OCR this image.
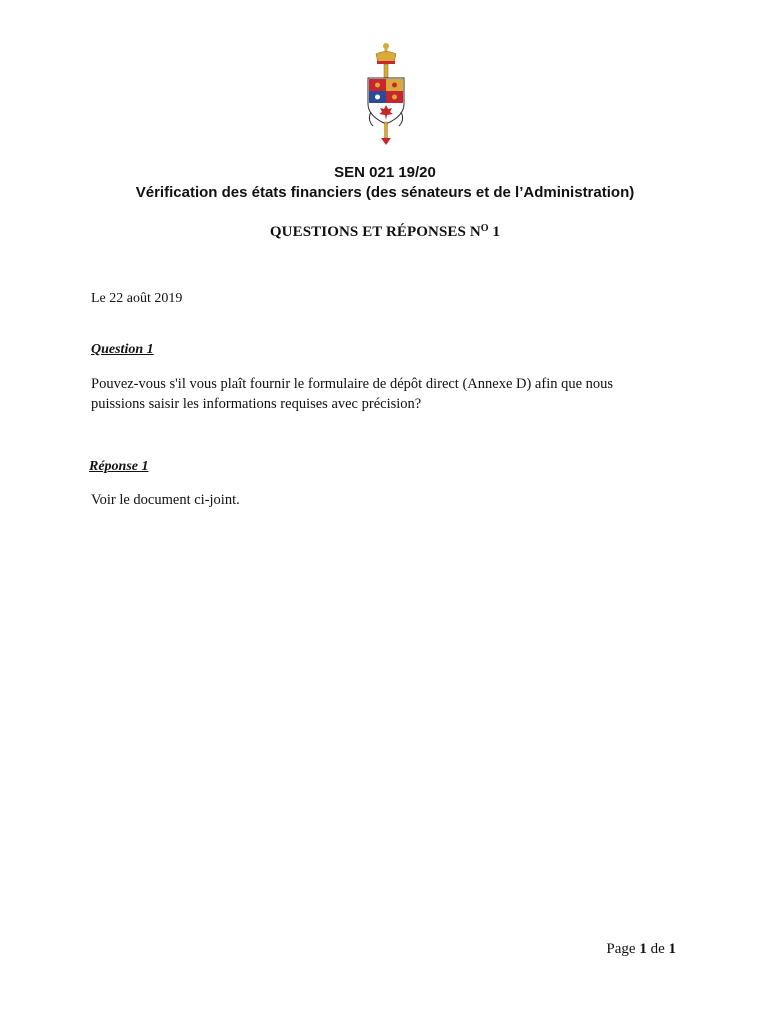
SEN 021 19/20
Vérification des états financiers (des sénateurs et de l’Administration)
QUESTIONS ET RÉPONSES $N^O$ 1
Le 22 août 2019
Question 1
Pouvez-vous s'il vous plaît fournir le formulaire de dépôt direct (Annexe D) afin que nous
puissions saisir les informations requises avec précision?
Réponse 1
Voir le document ci-joint.
Page 1 de 1
